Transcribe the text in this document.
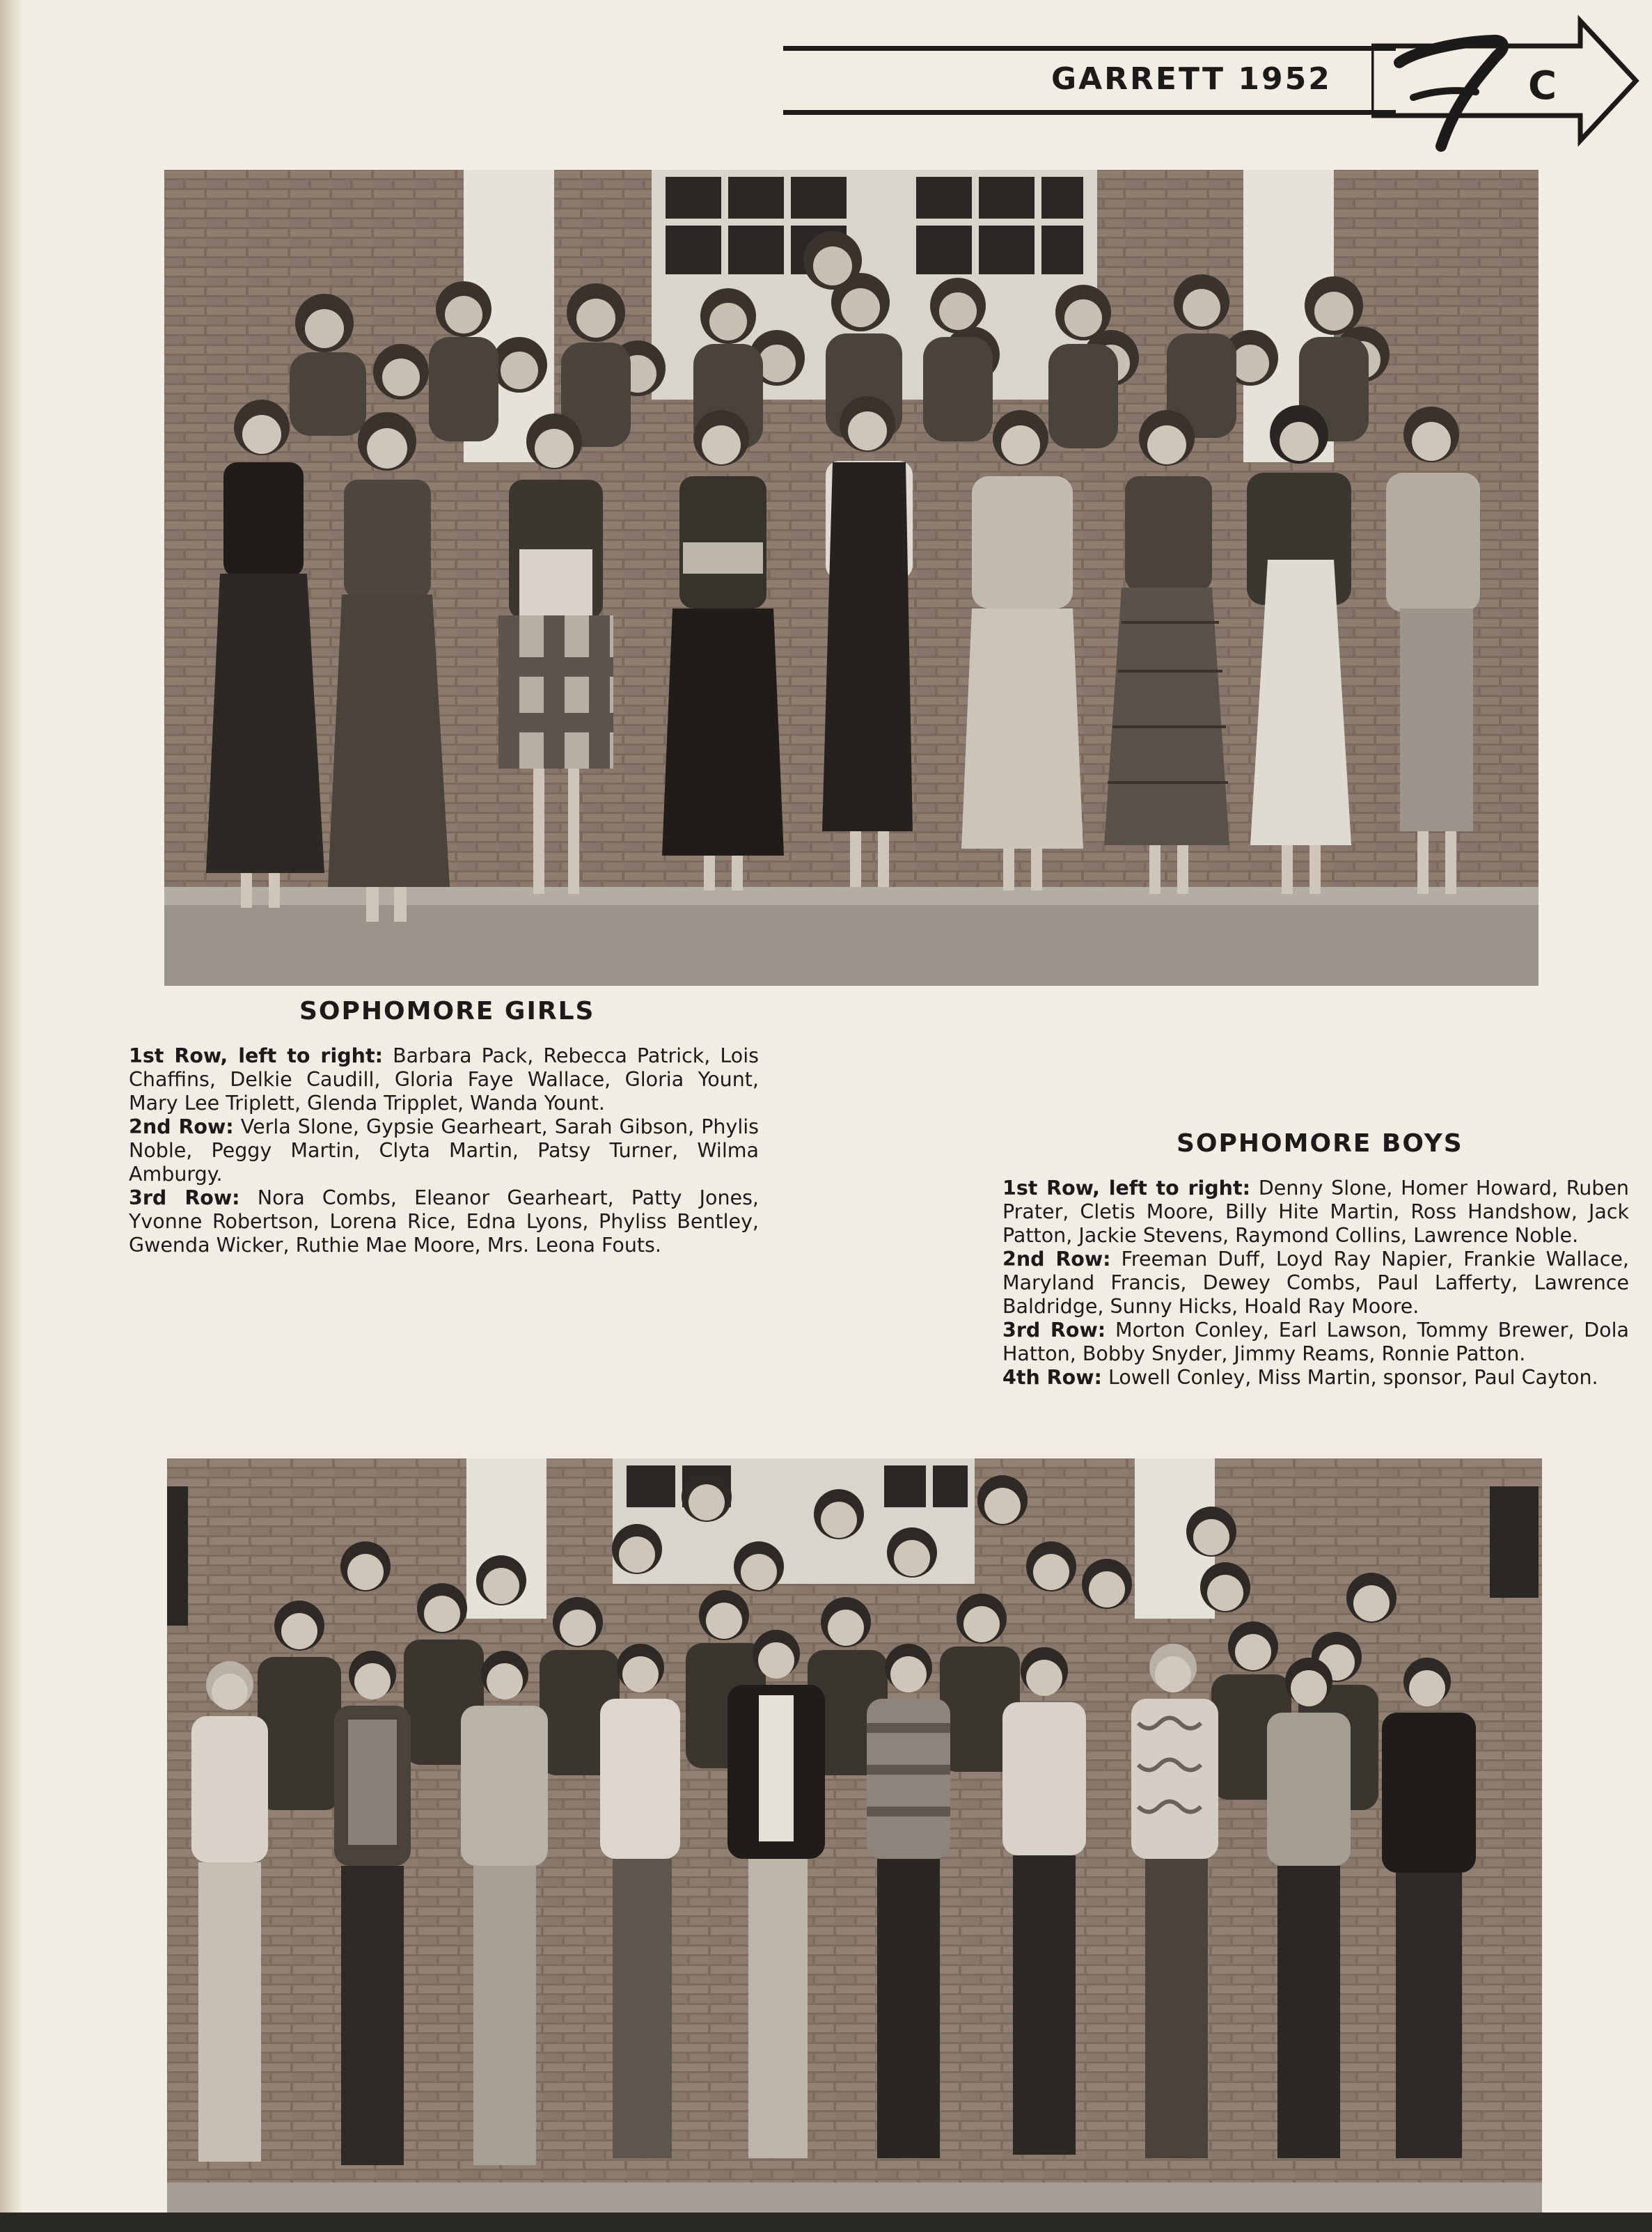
GARRETT 1952	C
SOPHOMORE GIRLS

1st Row, left to right: Barbara Pack, Rebecca Patrick, Lois Chaffins, Delkie Caudill, Gloria Faye Wallace, Gloria Yount, Mary Lee Triplett, Glenda Tripplet, Wanda Yount.

2nd Row: Verla Slone, Gypsie Gearheart, Sarah Gibson, Phylis Noble, Peggy Martin, Clyta Martin, Patsy Turner, Wilma Amburgy.

3rd Row: Nora Combs, Eleanor Gearheart, Patty Jones, Yvonne Robertson, Lorena Rice, Edna Lyons, Phyliss Bentley, Gwenda Wicker, Ruthie Mae Moore, Mrs. Leona Fouts.

SOPHOMORE BOYS

1st Row, left to right: Denny Slone, Homer Howard, Ruben Prater, Cletis Moore, Billy Hite Martin, Ross Handshow, Jack Patton, Jackie Stevens, Raymond Collins, Lawrence Noble.

2nd Row: Freeman Duff, Loyd Ray Napier, Frankie Wallace, Maryland Francis, Dewey Combs, Paul Lafferty, Lawrence Baldridge, Sunny Hicks, Hoald Ray Moore.

3rd Row: Morton Conley, Earl Lawson, Tommy Brewer, Dola Hatton, Bobby Snyder, Jimmy Reams, Ronnie Patton.

4th Row: Lowell Conley, Miss Martin, sponsor, Paul Cayton.
